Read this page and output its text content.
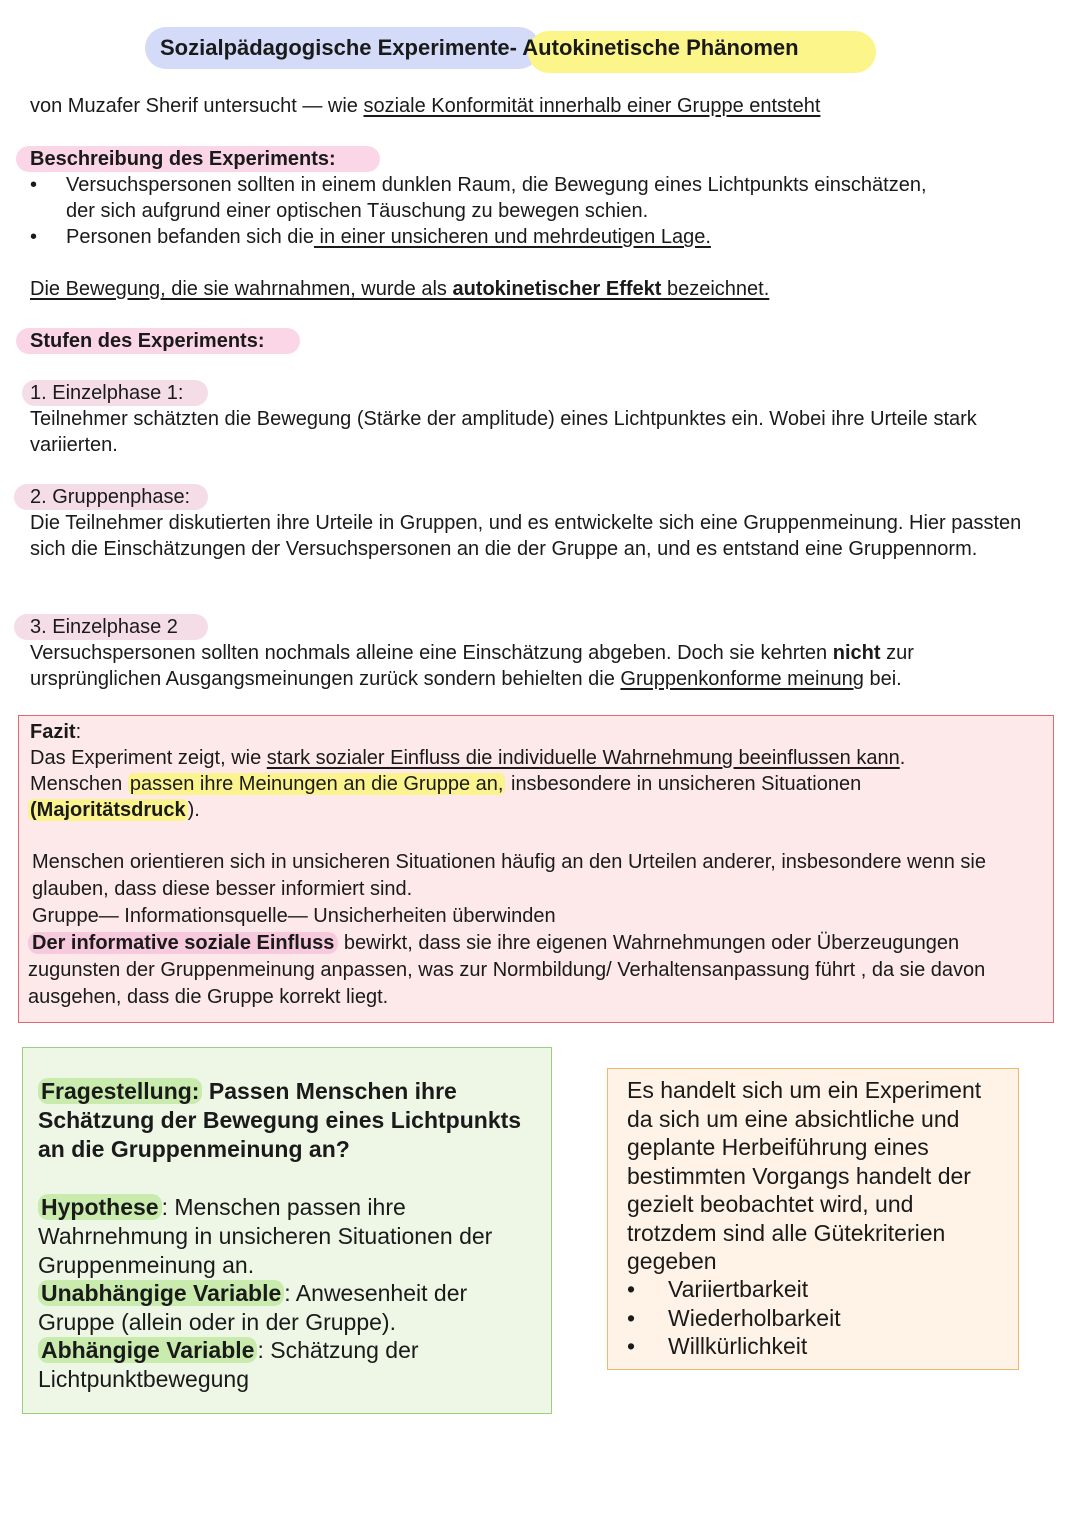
Sozialpädagogische Experimente- Autokinetische Phänomen
von Muzafer Sherif untersucht — wie soziale Konformität innerhalb einer Gruppe entsteht
Beschreibung des Experiments:
• Versuchspersonen sollten in einem dunklen Raum, die Bewegung eines Lichtpunkts einschätzen,
der sich aufgrund einer optischen Täuschung zu bewegen schien.
• Personen befanden sich die in einer unsicheren und mehrdeutigen Lage.
Die Bewegung, die sie wahrnahmen, wurde als autokinetischer Effekt bezeichnet.
Stufen des Experiments:
1. Einzelphase 1:
Teilnehmer schätzten die Bewegung (Stärke der amplitude) eines Lichtpunktes ein. Wobei ihre Urteile stark variierten.
2. Gruppenphase:
Die Teilnehmer diskutierten ihre Urteile in Gruppen, und es entwickelte sich eine Gruppenmeinung. Hier passten sich die Einschätzungen der Versuchspersonen an die der Gruppe an, und es entstand eine Gruppennorm.
3. Einzelphase 2
Versuchspersonen sollten nochmals alleine eine Einschätzung abgeben. Doch sie kehrten nicht zur ursprünglichen Ausgangsmeinungen zurück sondern behielten die Gruppenkonforme meinung bei.
Fazit:
Das Experiment zeigt, wie stark sozialer Einfluss die individuelle Wahrnehmung beeinflussen kann.
Menschen passen ihre Meinungen an die Gruppe an, insbesondere in unsicheren Situationen
(Majoritätsdruck ).
Menschen orientieren sich in unsicheren Situationen häufig an den Urteilen anderer, insbesondere wenn sie glauben, dass diese besser informiert sind.
Gruppe— Informationsquelle— Unsicherheiten überwinden
Der informative soziale Einfluss bewirkt, dass sie ihre eigenen Wahrnehmungen oder Überzeugungen zugunsten der Gruppenmeinung anpassen, was zur Normbildung/ Verhaltensanpassung führt , da sie davon ausgehen, dass die Gruppe korrekt liegt.
Fragestellung: Passen Menschen ihre Schätzung der Bewegung eines Lichtpunkts an die Gruppenmeinung an?
Hypothese : Menschen passen ihre Wahrnehmung in unsicheren Situationen der Gruppenmeinung an.
Unabhängige Variable : Anwesenheit der Gruppe (allein oder in der Gruppe).
Abhängige Variable : Schätzung der Lichtpunktbewegung
Es handelt sich um ein Experiment da sich um eine absichtliche und geplante Herbeiführung eines bestimmten Vorgangs handelt der gezielt beobachtet wird, und trotzdem sind alle Gütekriterien gegeben
• Variiertbarkeit
• Wiederholbarkeit
• Willkürlichkeit
